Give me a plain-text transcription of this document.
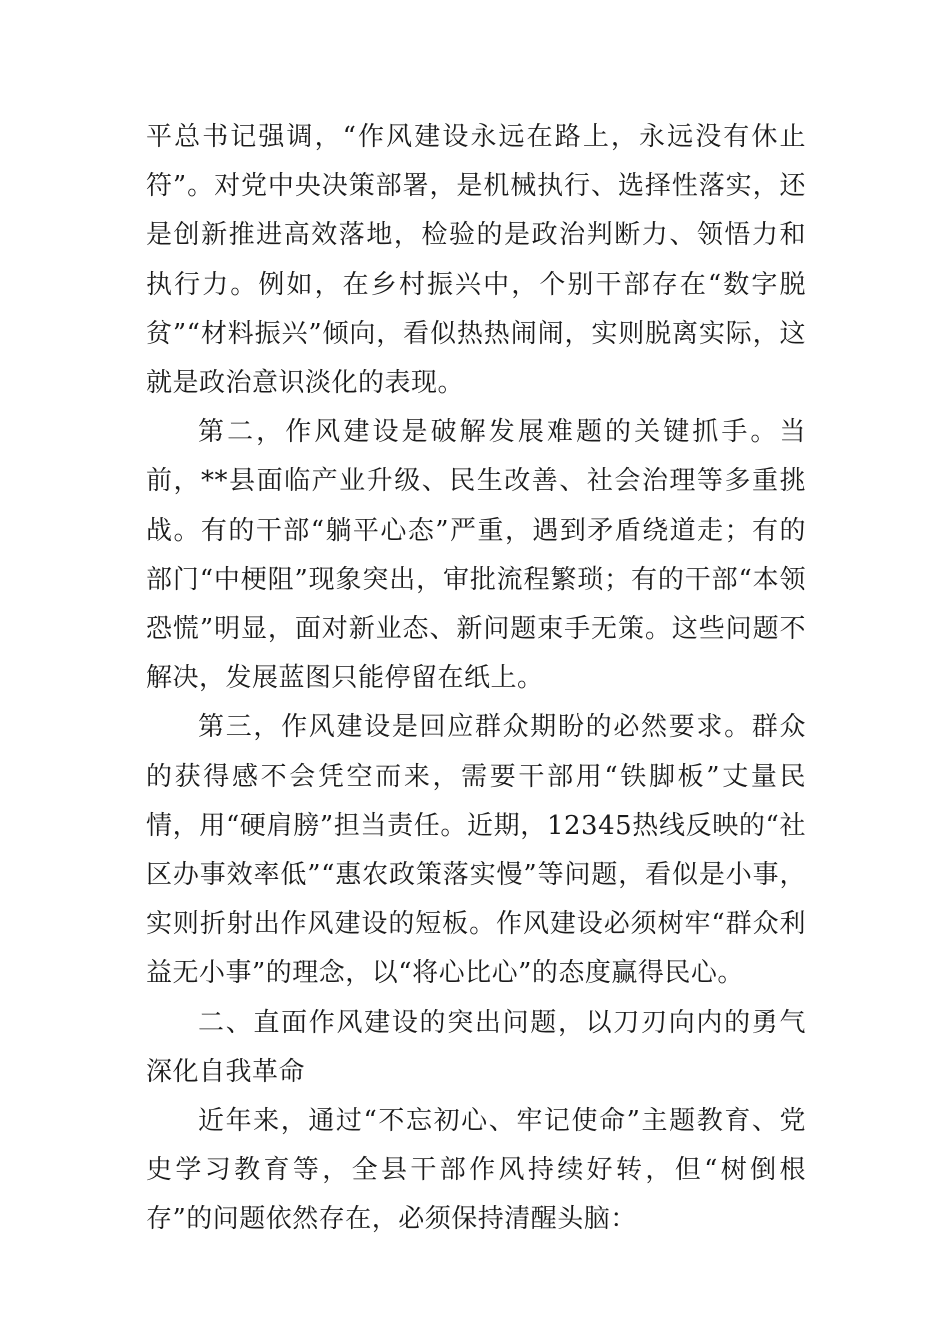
平总书记强调，“作风建设永远在路上，永远没有休止符”。对党中央决策部署，是机械执行、选择性落实，还是创新推进高效落地，检验的是政治判断力、领悟力和执行力。例如，在乡村振兴中，个别干部存在“数字脱贫”“材料振兴”倾向，看似热热闹闹，实则脱离实际，这就是政治意识淡化的表现。

第二，作风建设是破解发展难题的关键抓手。当前，**县面临产业升级、民生改善、社会治理等多重挑战。有的干部“躺平心态”严重，遇到矛盾绕道走；有的部门“中梗阻”现象突出，审批流程繁琐；有的干部“本领恐慌”明显，面对新业态、新问题束手无策。这些问题不解决，发展蓝图只能停留在纸上。

第三，作风建设是回应群众期盼的必然要求。群众的获得感不会凭空而来，需要干部用“铁脚板”丈量民情，用“硬肩膀”担当责任。近期，12345热线反映的“社区办事效率低”“惠农政策落实慢”等问题，看似是小事，实则折射出作风建设的短板。作风建设必须树牢“群众利益无小事”的理念，以“将心比心”的态度赢得民心。

二、直面作风建设的突出问题，以刀刃向内的勇气深化自我革命

近年来，通过“不忘初心、牢记使命”主题教育、党史学习教育等，全县干部作风持续好转，但“树倒根存”的问题依然存在，必须保持清醒头脑：
